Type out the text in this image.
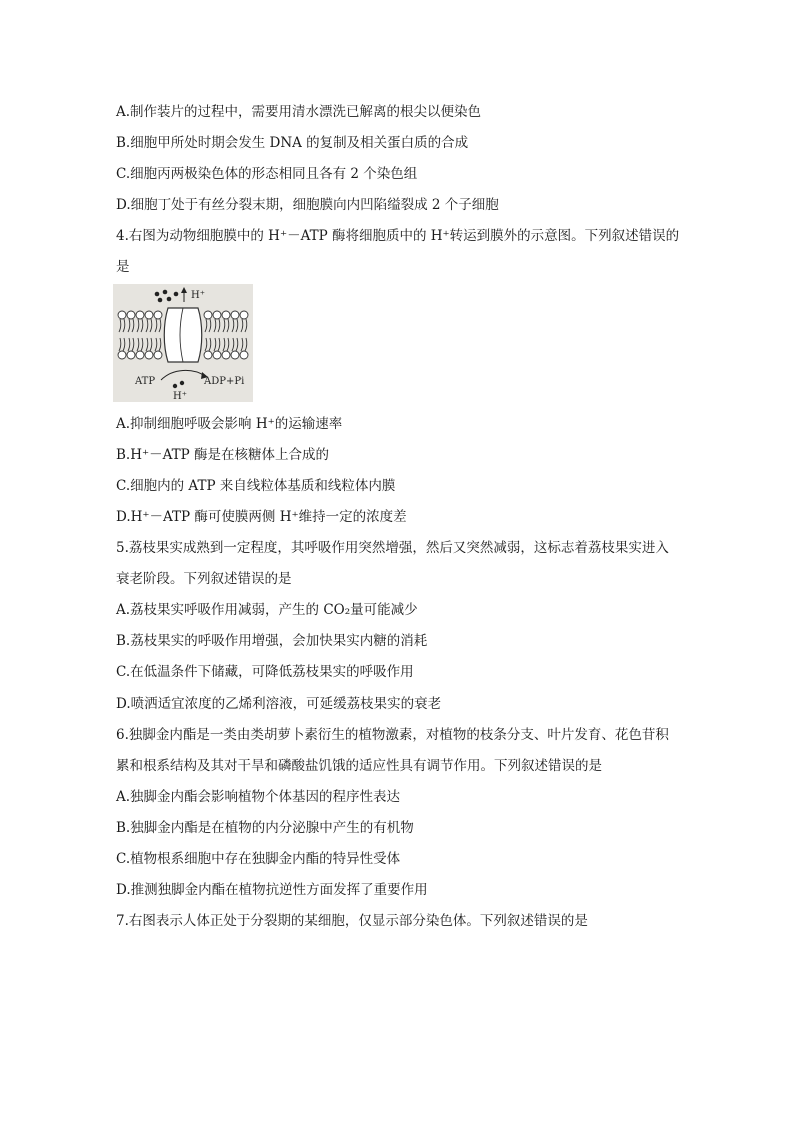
A.制作装片的过程中，需要用清水漂洗已解离的根尖以便染色
B.细胞甲所处时期会发生 DNA 的复制及相关蛋白质的合成
C.细胞丙两极染色体的形态相同且各有 2 个染色组
D.细胞丁处于有丝分裂末期，细胞膜向内凹陷缢裂成 2 个子细胞
4.右图为动物细胞膜中的 H⁺－ATP 酶将细胞质中的 H⁺转运到膜外的示意图。下列叙述错误的
是
H⁺
ATP	ADP+Pi
H⁺
A.抑制细胞呼吸会影响 H⁺的运输速率
B.H⁺－ATP 酶是在核糖体上合成的
C.细胞内的 ATP 来自线粒体基质和线粒体内膜
D.H⁺－ATP 酶可使膜两侧 H⁺维持一定的浓度差
5.荔枝果实成熟到一定程度，其呼吸作用突然增强，然后又突然减弱，这标志着荔枝果实进入
衰老阶段。下列叙述错误的是
A.荔枝果实呼吸作用减弱，产生的 CO₂量可能减少
B.荔枝果实的呼吸作用增强，会加快果实内糖的消耗
C.在低温条件下储藏，可降低荔枝果实的呼吸作用
D.喷洒适宜浓度的乙烯利溶液，可延缓荔枝果实的衰老
6.独脚金内酯是一类由类胡萝卜素衍生的植物激素，对植物的枝条分支、叶片发育、花色苷积
累和根系结构及其对干旱和磷酸盐饥饿的适应性具有调节作用。下列叙述错误的是
A.独脚金内酯会影响植物个体基因的程序性表达
B.独脚金内酯是在植物的内分泌腺中产生的有机物
C.植物根系细胞中存在独脚金内酯的特异性受体
D.推测独脚金内酯在植物抗逆性方面发挥了重要作用
7.右图表示人体正处于分裂期的某细胞，仅显示部分染色体。下列叙述错误的是
